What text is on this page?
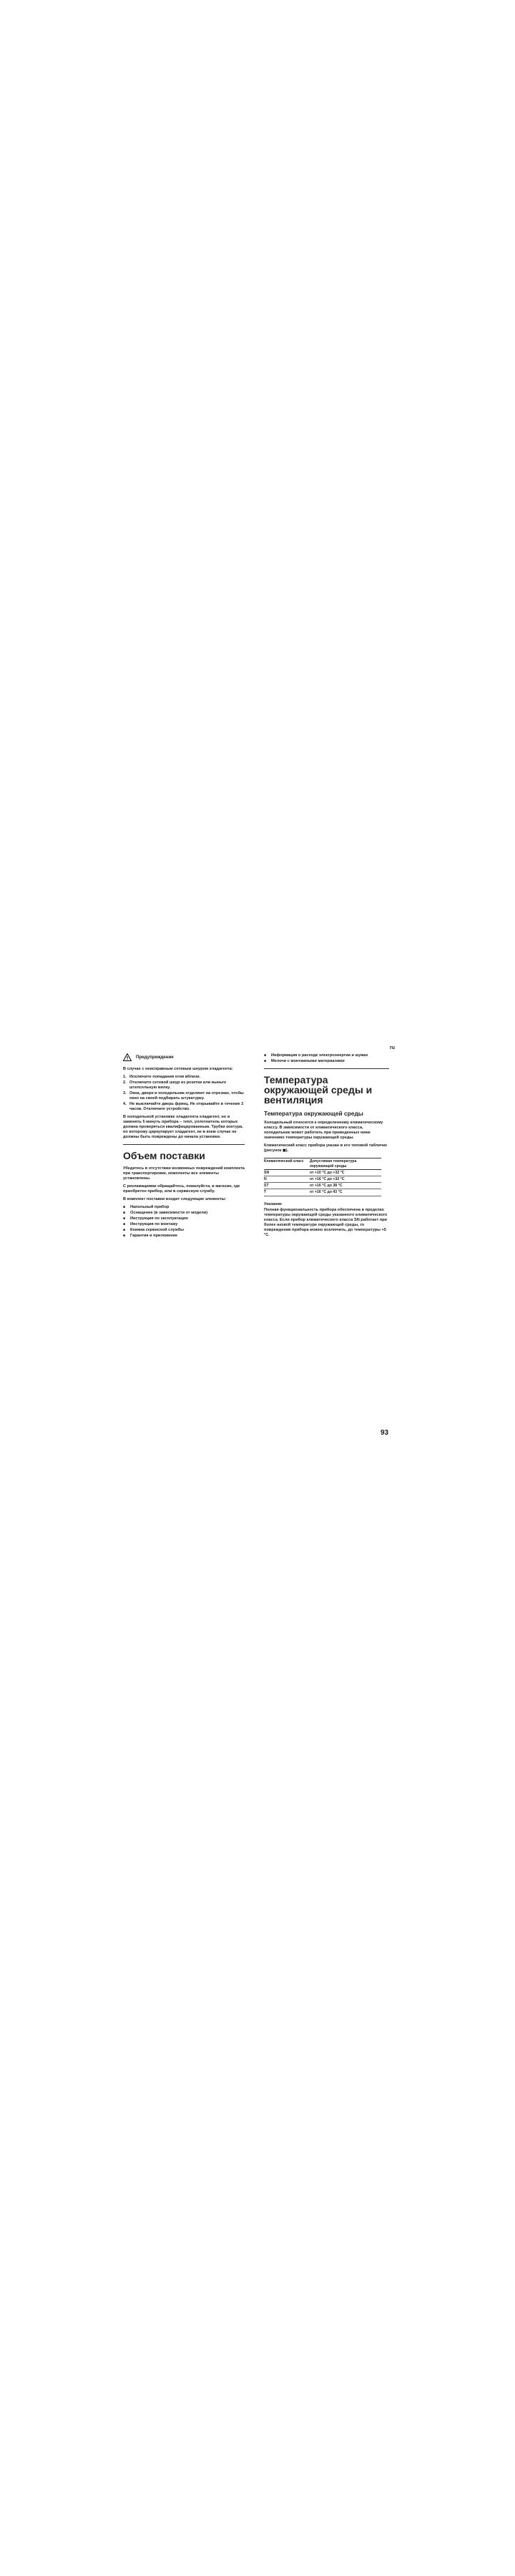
ru
Предупреждение

В случае с неисправным сетевым шнуром хладагента:

1. Исключите попадания огня вблизи.
2. Отключите сетевой шнур из розетки или выньте штепсельную вилку.
3. Окна, двери и холодильник отделяют на отрезках, чтобы окно на своей подбирать штукатурку.
4. Не выключайте дверь фрикц. Не открывайте в течение 2 часов. Отключите устройство.

В холодильной установке хладагента хладагент, но и заменять 5 минуть прибора – тепл, уплотнитель которых должна проверяться квалифицированным. Трубки контура, по которому циркулирует хладагент, не в коем случае не должны быть повреждены до начала установки.

Объем поставки

Убедитесь в отсутствии возможных повреждений комплекта при транспортировке, комплекты все элементы установлены.

С рекламациями обращайтесь, пожалуйста, в магазин, где приобретен прибор, или в сервисную службу.

В комплект поставки входит следующие элементы:

■	Напольный прибор
■	Оснащение (в зависимости от модели)
■	Инструкция по эксплуатации
■	Инструкция по монтажу
■	Книжка сервисной службы
■	Гарантия и приложение
■	Информация о расходе электроэнергии и шумах
■	Мелочи с монтажными материалами
Температура окружающей среды и вентиляция
Температура окружающей среды

Холодильный относится к определенному климатическому классу. В зависимости от климатического класса, холодильник может работать при приведенных ниже значениях температуры окружающей среды.

Климатический класс прибора указан в его типовой табличке (рисунок ◼).

Климатический класс	Допустимая температура окружающей среды
SN	от +10 °C до +32 °C
N	от +16 °C до +32 °C
ST	от +16 °C до 38 °C
T	от +16 °C до 43 °C

Указание

Полная функциональность прибора обеспечена в пределах температуры окружающей среды указанного климатического класса. Если прибор климатического класса SN работает при более низкой температуре окружающей среды, то повреждения прибора можно исключить, до температуры +5 °C.

93
